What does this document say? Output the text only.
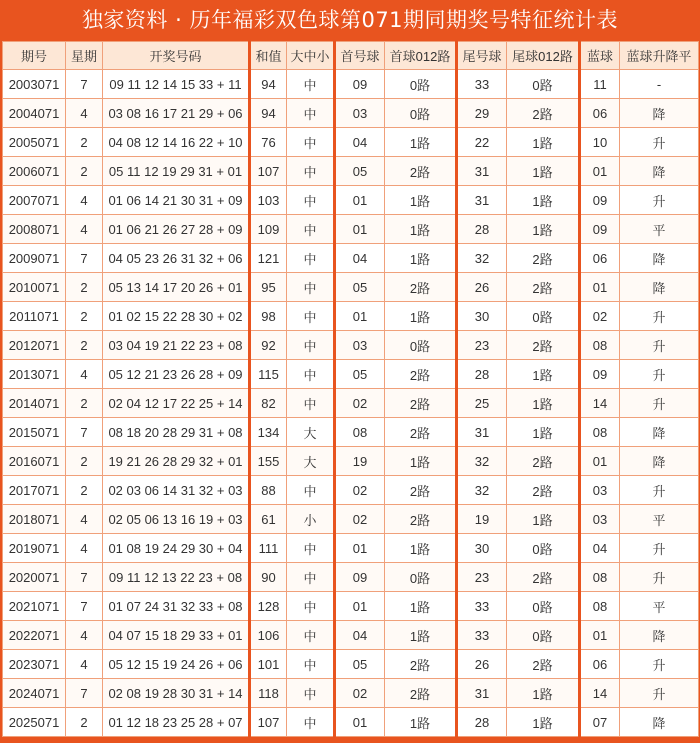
独家资料 · 历年福彩双色球第071期同期奖号特征统计表
期号	星期	开奖号码	和值	大中小	首号球	首球012路	尾号球	尾球012路	蓝球	蓝球升降平
2003071	7	09 11 12 14 15 33 + 11	94	中	09	0路	33	0路	11	-
2004071	4	03 08 16 17 21 29 + 06	94	中	03	0路	29	2路	06	降
2005071	2	04 08 12 14 16 22 + 10	76	中	04	1路	22	1路	10	升
2006071	2	05 11 12 19 29 31 + 01	107	中	05	2路	31	1路	01	降
2007071	4	01 06 14 21 30 31 + 09	103	中	01	1路	31	1路	09	升
2008071	4	01 06 21 26 27 28 + 09	109	中	01	1路	28	1路	09	平
2009071	7	04 05 23 26 31 32 + 06	121	中	04	1路	32	2路	06	降
2010071	2	05 13 14 17 20 26 + 01	95	中	05	2路	26	2路	01	降
2011071	2	01 02 15 22 28 30 + 02	98	中	01	1路	30	0路	02	升
2012071	2	03 04 19 21 22 23 + 08	92	中	03	0路	23	2路	08	升
2013071	4	05 12 21 23 26 28 + 09	115	中	05	2路	28	1路	09	升
2014071	2	02 04 12 17 22 25 + 14	82	中	02	2路	25	1路	14	升
2015071	7	08 18 20 28 29 31 + 08	134	大	08	2路	31	1路	08	降
2016071	2	19 21 26 28 29 32 + 01	155	大	19	1路	32	2路	01	降
2017071	2	02 03 06 14 31 32 + 03	88	中	02	2路	32	2路	03	升
2018071	4	02 05 06 13 16 19 + 03	61	小	02	2路	19	1路	03	平
2019071	4	01 08 19 24 29 30 + 04	111	中	01	1路	30	0路	04	升
2020071	7	09 11 12 13 22 23 + 08	90	中	09	0路	23	2路	08	升
2021071	7	01 07 24 31 32 33 + 08	128	中	01	1路	33	0路	08	平
2022071	4	04 07 15 18 29 33 + 01	106	中	04	1路	33	0路	01	降
2023071	4	05 12 15 19 24 26 + 06	101	中	05	2路	26	2路	06	升
2024071	7	02 08 19 28 30 31 + 14	118	中	02	2路	31	1路	14	升
2025071	2	01 12 18 23 25 28 + 07	107	中	01	1路	28	1路	07	降
